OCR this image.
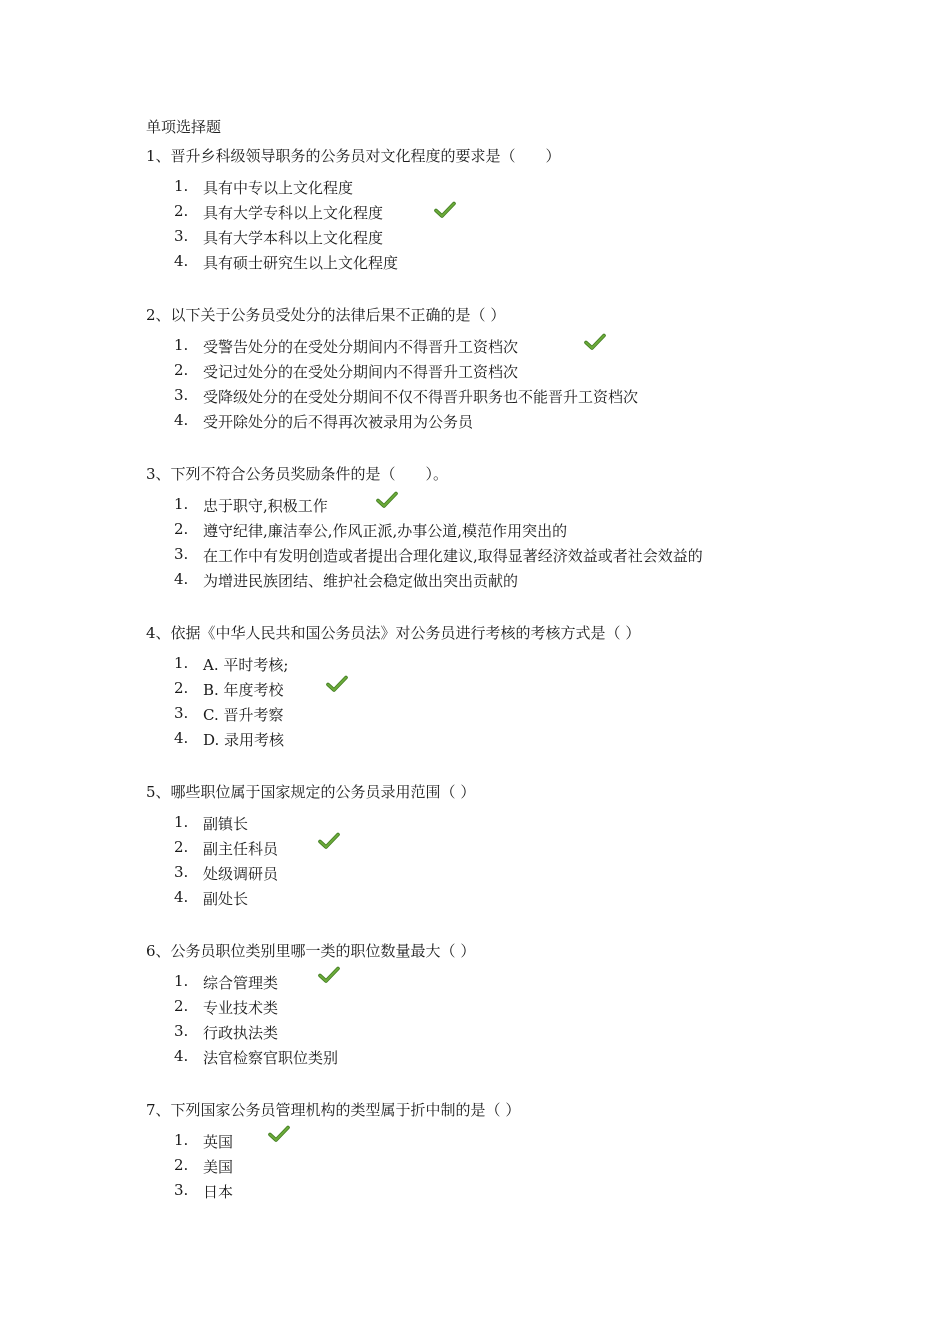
单项选择题
1、晋升乡科级领导职务的公务员对文化程度的要求是（　　）
1. 具有中专以上文化程度
2. 具有大学专科以上文化程度
3. 具有大学本科以上文化程度
4. 具有硕士研究生以上文化程度
2、以下关于公务员受处分的法律后果不正确的是（ ）
1. 受警告处分的在受处分期间内不得晋升工资档次
2. 受记过处分的在受处分期间内不得晋升工资档次
3. 受降级处分的在受处分期间不仅不得晋升职务也不能晋升工资档次
4. 受开除处分的后不得再次被录用为公务员
3、下列不符合公务员奖励条件的是（　　）。
1. 忠于职守,积极工作
2. 遵守纪律,廉洁奉公,作风正派,办事公道,模范作用突出的
3. 在工作中有发明创造或者提出合理化建议,取得显著经济效益或者社会效益的
4. 为增进民族团结、维护社会稳定做出突出贡献的
4、依据《中华人民共和国公务员法》对公务员进行考核的考核方式是（ ）
1. A. 平时考核;
2. B. 年度考校
3. C. 晋升考察
4. D. 录用考核
5、哪些职位属于国家规定的公务员录用范围（ ）
1. 副镇长
2. 副主任科员
3. 处级调研员
4. 副处长
6、公务员职位类别里哪一类的职位数量最大（ ）
1. 综合管理类
2. 专业技术类
3. 行政执法类
4. 法官检察官职位类别
7、下列国家公务员管理机构的类型属于折中制的是（ ）
1. 英国
2. 美国
3. 日本
